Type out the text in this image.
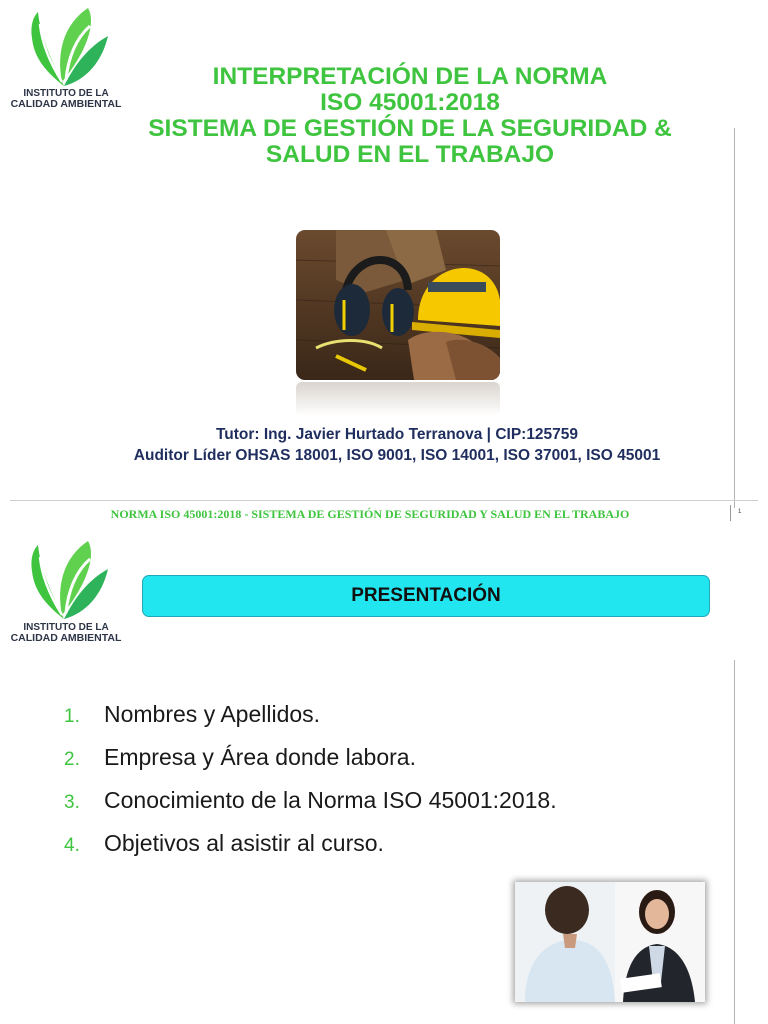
INSTITUTO DE LA
CALIDAD AMBIENTAL
INTERPRETACIÓN DE LA NORMA
ISO 45001:2018
SISTEMA DE GESTIÓN DE LA SEGURIDAD &
SALUD EN EL TRABAJO
Tutor: Ing. Javier Hurtado Terranova | CIP:125759
Auditor Líder OHSAS 18001, ISO 9001, ISO 14001, ISO 37001, ISO 45001
NORMA ISO 45001:2018 - SISTEMA DE GESTIÓN DE SEGURIDAD Y SALUD EN EL TRABAJO	1
INSTITUTO DE LA
CALIDAD AMBIENTAL
PRESENTACIÓN
1.	Nombres y Apellidos.
2.	Empresa y Área donde labora.
3.	Conocimiento de la Norma ISO 45001:2018.
4.	Objetivos al asistir al curso.
